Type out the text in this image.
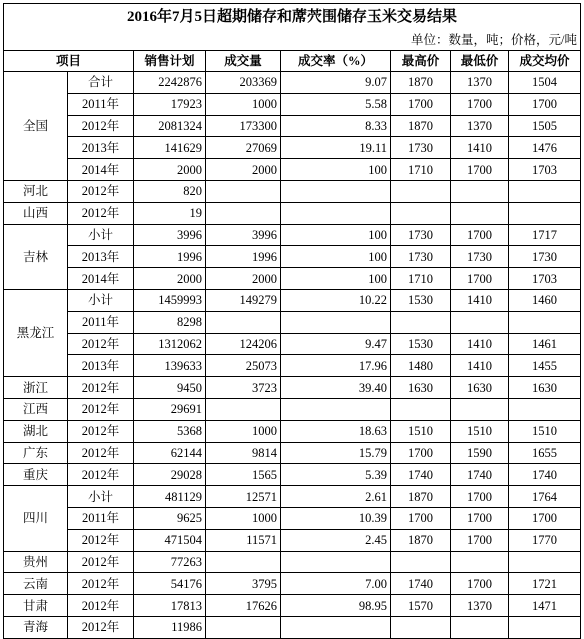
2016年7月5日超期储存和蓆茓围储存玉米交易结果							
单位：数量，吨；价格，元/吨							
项目		销售计划	成交量	成交率（%）	最高价	最低价	成交均价
全国	合计	2242876	203369	9.07	1870	1370	1504
	2011年	17923	1000	5.58	1700	1700	1700
	2012年	2081324	173300	8.33	1870	1370	1505
	2013年	141629	27069	19.11	1730	1410	1476
	2014年	2000	2000	100	1710	1700	1703
河北	2012年	820					
山西	2012年	19					
吉林	小计	3996	3996	100	1730	1700	1717
	2013年	1996	1996	100	1730	1730	1730
	2014年	2000	2000	100	1710	1700	1703
黑龙江	小计	1459993	149279	10.22	1530	1410	1460
	2011年	8298					
	2012年	1312062	124206	9.47	1530	1410	1461
	2013年	139633	25073	17.96	1480	1410	1455
浙江	2012年	9450	3723	39.40	1630	1630	1630
江西	2012年	29691					
湖北	2012年	5368	1000	18.63	1510	1510	1510
广东	2012年	62144	9814	15.79	1700	1590	1655
重庆	2012年	29028	1565	5.39	1740	1740	1740
四川	小计	481129	12571	2.61	1870	1700	1764
	2011年	9625	1000	10.39	1700	1700	1700
	2012年	471504	11571	2.45	1870	1700	1770
贵州	2012年	77263					
云南	2012年	54176	3795	7.00	1740	1700	1721
甘肃	2012年	17813	17626	98.95	1570	1370	1471
青海	2012年	11986					
